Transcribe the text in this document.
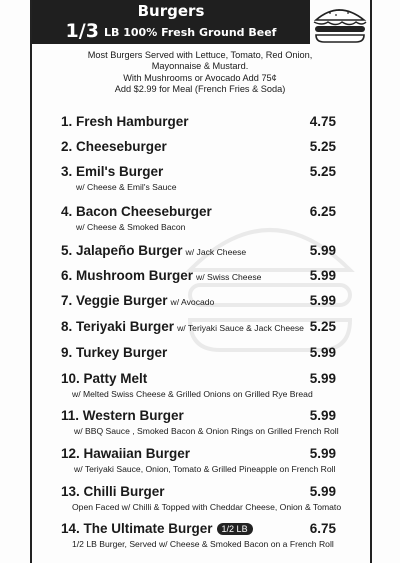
Burgers
1/3 LB 100% Fresh Ground Beef
Most Burgers Served with Lettuce, Tomato, Red Onion,
Mayonnaise & Mustard.
With Mushrooms or Avocado Add 75¢
Add $2.99 for Meal (French Fries & Soda)
1. Fresh Hamburger	4.75
2. Cheeseburger	5.25
3. Emil's Burger	5.25
w/ Cheese & Emil's Sauce
4. Bacon Cheeseburger	6.25
w/ Cheese & Smoked Bacon
5. Jalapeño Burger w/ Jack Cheese	5.99
6. Mushroom Burger w/ Swiss Cheese	5.99
7. Veggie Burger w/ Avocado	5.99
8. Teriyaki Burger w/ Teriyaki Sauce & Jack Cheese 5.25
9. Turkey Burger	5.99
10. Patty Melt	5.99
w/ Melted Swiss Cheese & Grilled Onions on Grilled Rye Bread
11. Western Burger	5.99
w/ BBQ Sauce , Smoked Bacon & Onion Rings on Grilled French Roll
12. Hawaiian Burger	5.99
w/ Teriyaki Sauce, Onion, Tomato & Grilled Pineapple on French Roll
13. Chilli Burger	5.99
Open Faced w/ Chilli & Topped with Cheddar Cheese, Onion & Tomato
14. The Ultimate Burger 1/2 LB	6.75
1/2 LB Burger, Served w/ Cheese & Smoked Bacon on a French Roll
